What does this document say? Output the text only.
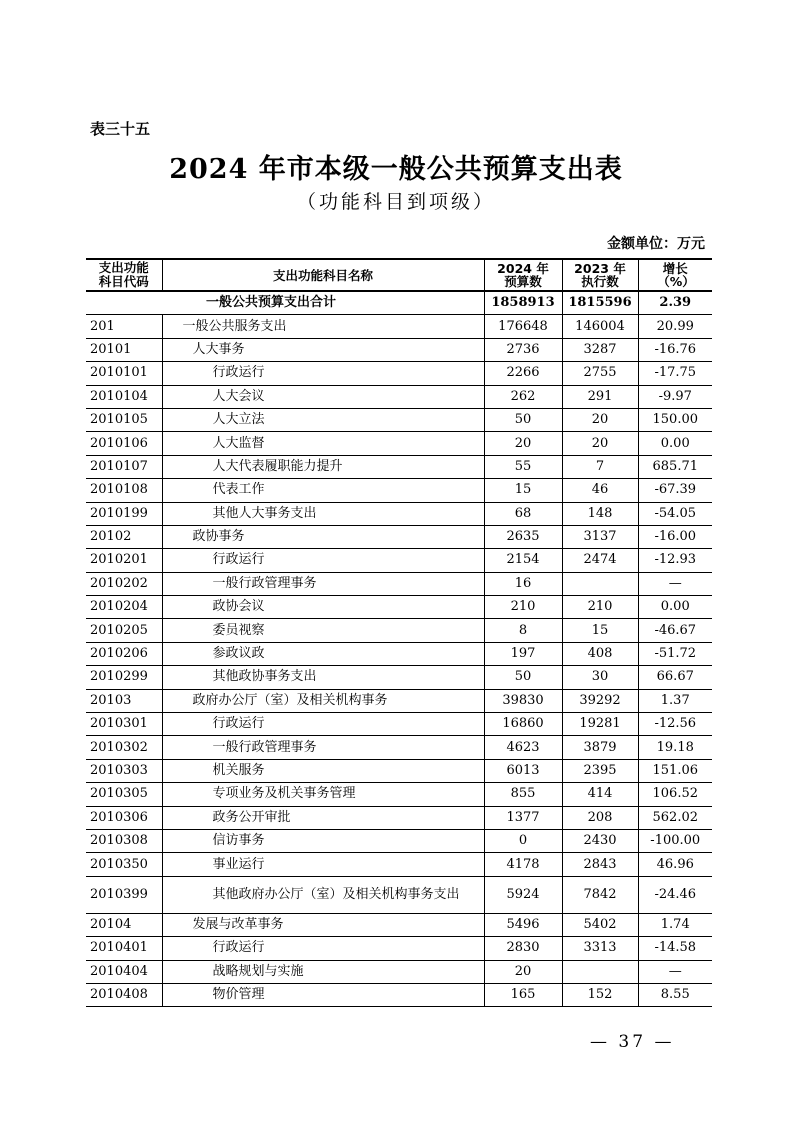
表三十五
2024 年市本级一般公共预算支出表
（功能科目到项级）
金额单位：万元
支出功能科目代码	支出功能科目名称	2024 年预算数	2023 年执行数	增长（%）

一般公共预算支出合计		1858913	1815596	2.39
201	一般公共服务支出	176648	146004	20.99
20101	人大事务	2736	3287	-16.76
2010101	行政运行	2266	2755	-17.75
2010104	人大会议	262	291	-9.97
2010105	人大立法	50	20	150.00
2010106	人大监督	20	20	0.00
2010107	人大代表履职能力提升	55	7	685.71
2010108	代表工作	15	46	-67.39
2010199	其他人大事务支出	68	148	-54.05
20102	政协事务	2635	3137	-16.00
2010201	行政运行	2154	2474	-12.93
2010202	一般行政管理事务	16		—
2010204	政协会议	210	210	0.00
2010205	委员视察	8	15	-46.67
2010206	参政议政	197	408	-51.72
2010299	其他政协事务支出	50	30	66.67
20103	政府办公厅（室）及相关机构事务	39830	39292	1.37
2010301	行政运行	16860	19281	-12.56
2010302	一般行政管理事务	4623	3879	19.18
2010303	机关服务	6013	2395	151.06
2010305	专项业务及机关事务管理	855	414	106.52
2010306	政务公开审批	1377	208	562.02
2010308	信访事务	0	2430	-100.00
2010350	事业运行	4178	2843	46.96
2010399	其他政府办公厅（室）及相关机构事务支出	5924	7842	-24.46
20104	发展与改革事务	5496	5402	1.74
2010401	行政运行	2830	3313	-14.58
2010404	战略规划与实施	20		—
2010408	物价管理	165	152	8.55
— 37 —
